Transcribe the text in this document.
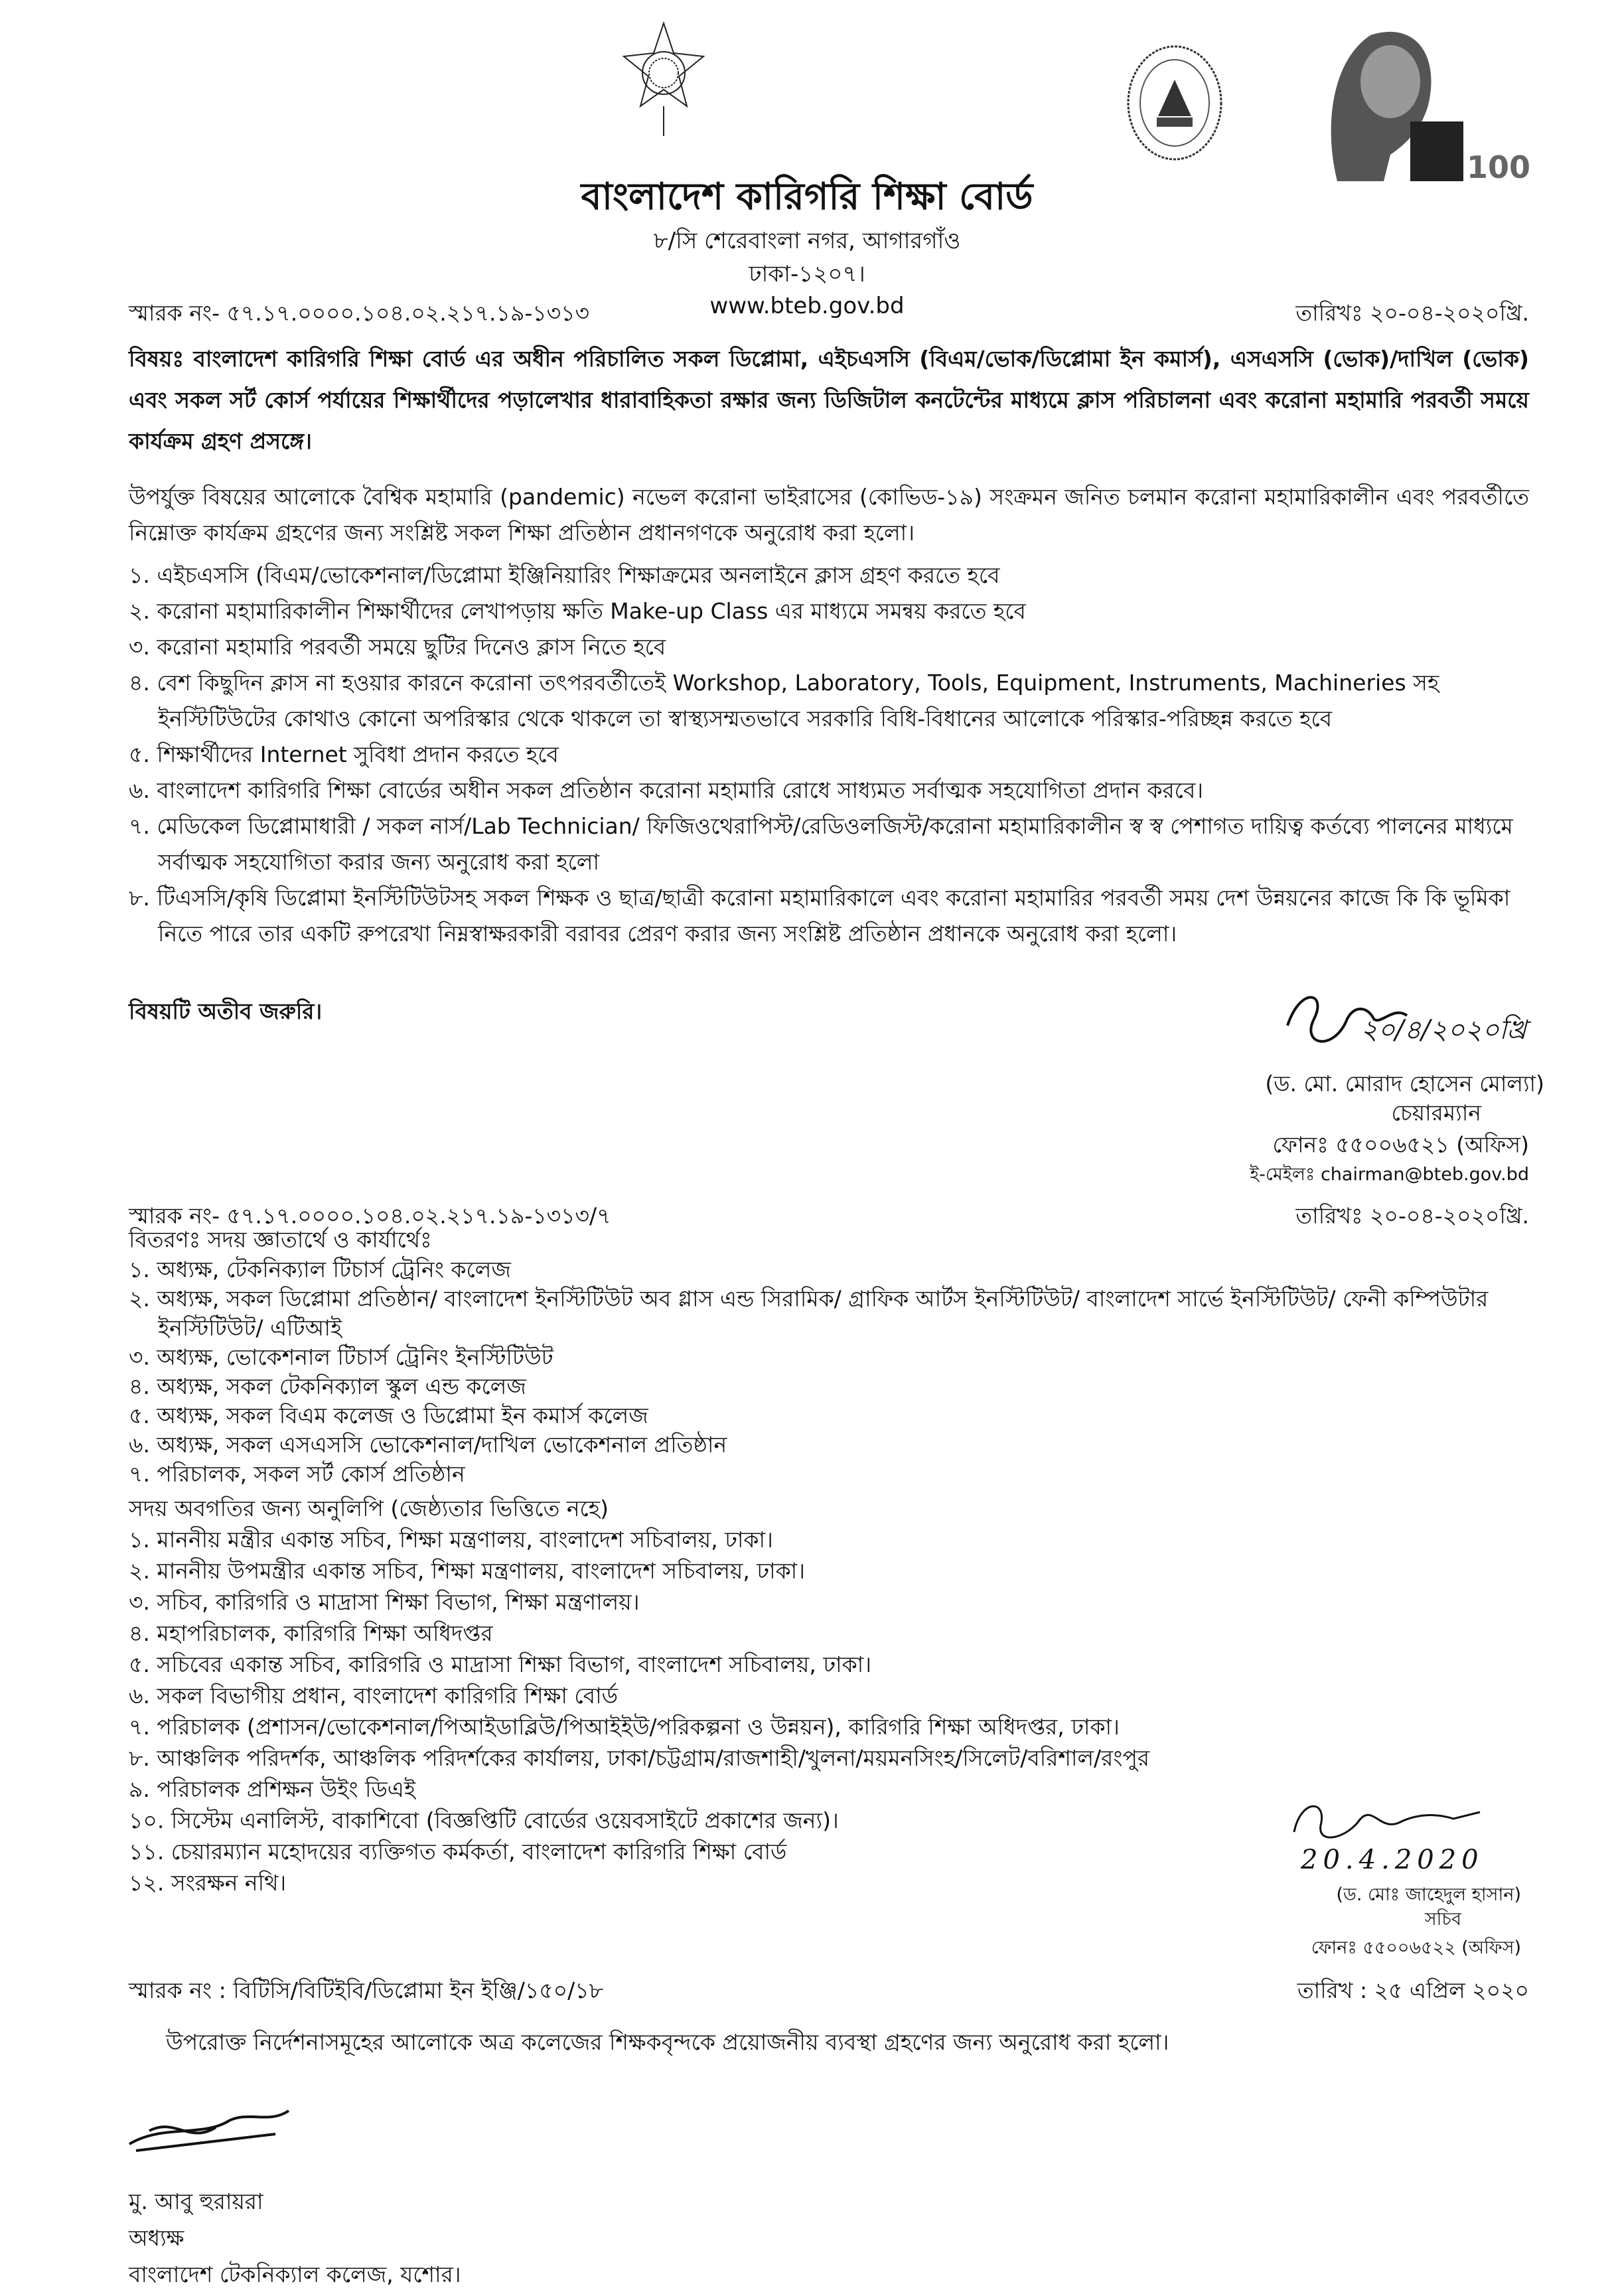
100
বাংলাদেশ কারিগরি শিক্ষা বোর্ড
৮/সি শেরেবাংলা নগর, আগারগাঁও
ঢাকা-১২০৭।
www.bteb.gov.bd
স্মারক নং- ৫৭.১৭.০০০০.১০৪.০২.২১৭.১৯-১৩১৩	তারিখঃ ২০-০৪-২০২০খ্রি.
বিষয়ঃ বাংলাদেশ কারিগরি শিক্ষা বোর্ড এর অধীন পরিচালিত সকল ডিপ্লোমা, এইচএসসি (বিএম/ভোক/ডিপ্লোমা ইন কমার্স), এসএসসি (ভোক)/দাখিল (ভোক) এবং সকল সর্ট কোর্স পর্যায়ের শিক্ষার্থীদের পড়ালেখার ধারাবাহিকতা রক্ষার জন্য ডিজিটাল কনটেন্টের মাধ্যমে ক্লাস পরিচালনা এবং করোনা মহামারি পরবর্তী সময়ে কার্যক্রম গ্রহণ প্রসঙ্গে।
উপর্যুক্ত বিষয়ের আলোকে বৈশ্বিক মহামারি (pandemic) নভেল করোনা ভাইরাসের (কোভিড-১৯) সংক্রমন জনিত চলমান করোনা মহামারিকালীন এবং পরবর্তীতে নিম্নোক্ত কার্যক্রম গ্রহণের জন্য সংশ্লিষ্ট সকল শিক্ষা প্রতিষ্ঠান প্রধানগণকে অনুরোধ করা হলো।
১. এইচএসসি (বিএম/ভোকেশনাল/ডিপ্লোমা ইঞ্জিনিয়ারিং শিক্ষাক্রমের অনলাইনে ক্লাস গ্রহণ করতে হবে
২. করোনা মহামারিকালীন শিক্ষার্থীদের লেখাপড়ায় ক্ষতি Make-up Class এর মাধ্যমে সমন্বয় করতে হবে
৩. করোনা মহামারি পরবর্তী সময়ে ছুটির দিনেও ক্লাস নিতে হবে
৪. বেশ কিছুদিন ক্লাস না হওয়ার কারনে করোনা তৎপরবর্তীতেই Workshop, Laboratory, Tools, Equipment, Instruments, Machineries সহ ইনস্টিটিউটের কোথাও কোনো অপরিস্কার থেকে থাকলে তা স্বাস্থ্যসম্মতভাবে সরকারি বিধি-বিধানের আলোকে পরিস্কার-পরিচ্ছন্ন করতে হবে
৫. শিক্ষার্থীদের Internet সুবিধা প্রদান করতে হবে
৬. বাংলাদেশ কারিগরি শিক্ষা বোর্ডের অধীন সকল প্রতিষ্ঠান করোনা মহামারি রোধে সাধ্যমত সর্বাত্মক সহযোগিতা প্রদান করবে।
৭. মেডিকেল ডিপ্লোমাধারী / সকল নার্স/Lab Technician/ ফিজিওথেরাপিস্ট/রেডিওলজিস্ট/করোনা মহামারিকালীন স্ব স্ব পেশাগত দায়িত্ব কর্তব্যে পালনের মাধ্যমে সর্বাত্মক সহযোগিতা করার জন্য অনুরোধ করা হলো
৮. টিএসসি/কৃষি ডিপ্লোমা ইনস্টিটিউটসহ সকল শিক্ষক ও ছাত্র/ছাত্রী করোনা মহামারিকালে এবং করোনা মহামারির পরবর্তী সময় দেশ উন্নয়নের কাজে কি কি ভূমিকা নিতে পারে তার একটি রুপরেখা নিম্নস্বাক্ষরকারী বরাবর প্রেরণ করার জন্য সংশ্লিষ্ট প্রতিষ্ঠান প্রধানকে অনুরোধ করা হলো।
বিষয়টি অতীব জরুরি।
২০/৪/২০২০খ্রি
(ড. মো. মোরাদ হোসেন মোল্যা)
চেয়ারম্যান
ফোনঃ ৫৫০০৬৫২১ (অফিস)
ই-মেইলঃ chairman@bteb.gov.bd
স্মারক নং- ৫৭.১৭.০০০০.১০৪.০২.২১৭.১৯-১৩১৩/৭	তারিখঃ ২০-০৪-২০২০খ্রি.
বিতরণঃ সদয় জ্ঞাতার্থে ও কার্যার্থেঃ
১. অধ্যক্ষ, টেকনিক্যাল টিচার্স ট্রেনিং কলেজ
২. অধ্যক্ষ, সকল ডিপ্লোমা প্রতিষ্ঠান/ বাংলাদেশ ইনস্টিটিউট অব গ্লাস এন্ড সিরামিক/ গ্রাফিক আর্টস ইনস্টিটিউট/ বাংলাদেশ সার্ভে ইনস্টিটিউট/ ফেনী কম্পিউটার ইনস্টিটিউট/ এটিআই
৩. অধ্যক্ষ, ভোকেশনাল টিচার্স ট্রেনিং ইনস্টিটিউট
৪. অধ্যক্ষ, সকল টেকনিক্যাল স্কুল এন্ড কলেজ
৫. অধ্যক্ষ, সকল বিএম কলেজ ও ডিপ্লোমা ইন কমার্স কলেজ
৬. অধ্যক্ষ, সকল এসএসসি ভোকেশনাল/দাখিল ভোকেশনাল প্রতিষ্ঠান
৭. পরিচালক, সকল সর্ট কোর্স প্রতিষ্ঠান
সদয় অবগতির জন্য অনুলিপি (জেষ্ঠ্যতার ভিত্তিতে নহে)
১. মাননীয় মন্ত্রীর একান্ত সচিব, শিক্ষা মন্ত্রণালয়, বাংলাদেশ সচিবালয়, ঢাকা।
২. মাননীয় উপমন্ত্রীর একান্ত সচিব, শিক্ষা মন্ত্রণালয়, বাংলাদেশ সচিবালয়, ঢাকা।
৩. সচিব, কারিগরি ও মাদ্রাসা শিক্ষা বিভাগ, শিক্ষা মন্ত্রণালয়।
৪. মহাপরিচালক, কারিগরি শিক্ষা অধিদপ্তর
৫. সচিবের একান্ত সচিব, কারিগরি ও মাদ্রাসা শিক্ষা বিভাগ, বাংলাদেশ সচিবালয়, ঢাকা।
৬. সকল বিভাগীয় প্রধান, বাংলাদেশ কারিগরি শিক্ষা বোর্ড
৭. পরিচালক (প্রশাসন/ভোকেশনাল/পিআইডাব্লিউ/পিআইইউ/পরিকল্পনা ও উন্নয়ন), কারিগরি শিক্ষা অধিদপ্তর, ঢাকা।
৮. আঞ্চলিক পরিদর্শক, আঞ্চলিক পরিদর্শকের কার্যালয়, ঢাকা/চট্টগ্রাম/রাজশাহী/খুলনা/ময়মনসিংহ/সিলেট/বরিশাল/রংপুর
৯. পরিচালক প্রশিক্ষন উইং ডিএই
১০. সিস্টেম এনালিস্ট, বাকাশিবো (বিজ্ঞপ্তিটি বোর্ডের ওয়েবসাইটে প্রকাশের জন্য)।
১১. চেয়ারম্যান মহোদয়ের ব্যক্তিগত কর্মকর্তা, বাংলাদেশ কারিগরি শিক্ষা বোর্ড
১২. সংরক্ষন নথি।
20.4.2020
(ড. মোঃ জাহেদুল হাসান)
সচিব
ফোনঃ ৫৫০০৬৫২২ (অফিস)
স্মারক নং : বিটিসি/বিটিইবি/ডিপ্লোমা ইন ইঞ্জি/১৫০/১৮	তারিখ : ২৫ এপ্রিল ২০২০
উপরোক্ত নির্দেশনাসমূহের আলোকে অত্র কলেজের শিক্ষকবৃন্দকে প্রয়োজনীয় ব্যবস্থা গ্রহণের জন্য অনুরোধ করা হলো।
মু. আবু হুরায়রা
অধ্যক্ষ
বাংলাদেশ টেকনিক্যাল কলেজ, যশোর।
